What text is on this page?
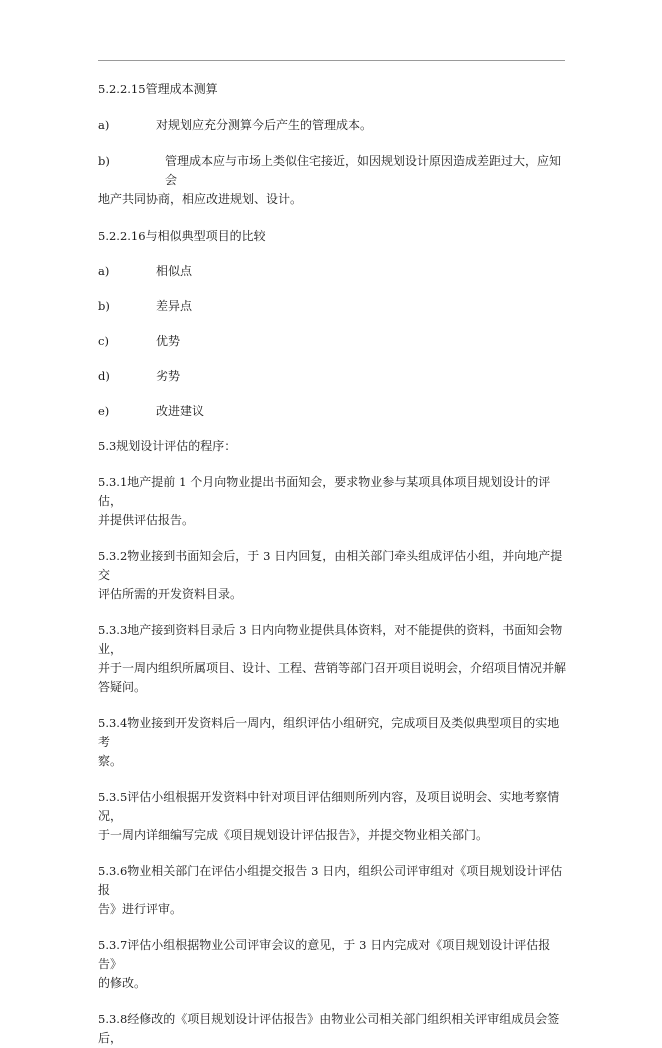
5.2.2.15管理成本测算

a)	对规划应充分测算今后产生的管理成本。
b)	管理成本应与市场上类似住宅接近，如因规划设计原因造成差距过大，应知会

地产共同协商，相应改进规划、设计。

5.2.2.16与相似典型项目的比较

a)	相似点
b)	差异点
c)	优势
d)	劣势
e)	改进建议

5.3规划设计评估的程序：

5.3.1地产提前 1 个月向物业提出书面知会，要求物业参与某项具体项目规划设计的评估，

并提供评估报告。

5.3.2物业接到书面知会后，于 3 日内回复，由相关部门牵头组成评估小组，并向地产提交

评估所需的开发资料目录。

5.3.3地产接到资料目录后 3 日内向物业提供具体资料，对不能提供的资料，书面知会物业，

并于一周内组织所属项目、设计、工程、营销等部门召开项目说明会，介绍项目情况并解

答疑问。

5.3.4物业接到开发资料后一周内，组织评估小组研究，完成项目及类似典型项目的实地考

察。

5.3.5评估小组根据开发资料中针对项目评估细则所列内容，及项目说明会、实地考察情况，

于一周内详细编写完成《项目规划设计评估报告》，并提交物业相关部门。

5.3.6物业相关部门在评估小组提交报告 3 日内，组织公司评审组对《项目规划设计评估报

告》进行评审。

5.3.7评估小组根据物业公司评审会议的意见，于 3 日内完成对《项目规划设计评估报告》

的修改。

5.3.8经修改的《项目规划设计评估报告》由物业公司相关部门组织相关评审组成员会签后，
